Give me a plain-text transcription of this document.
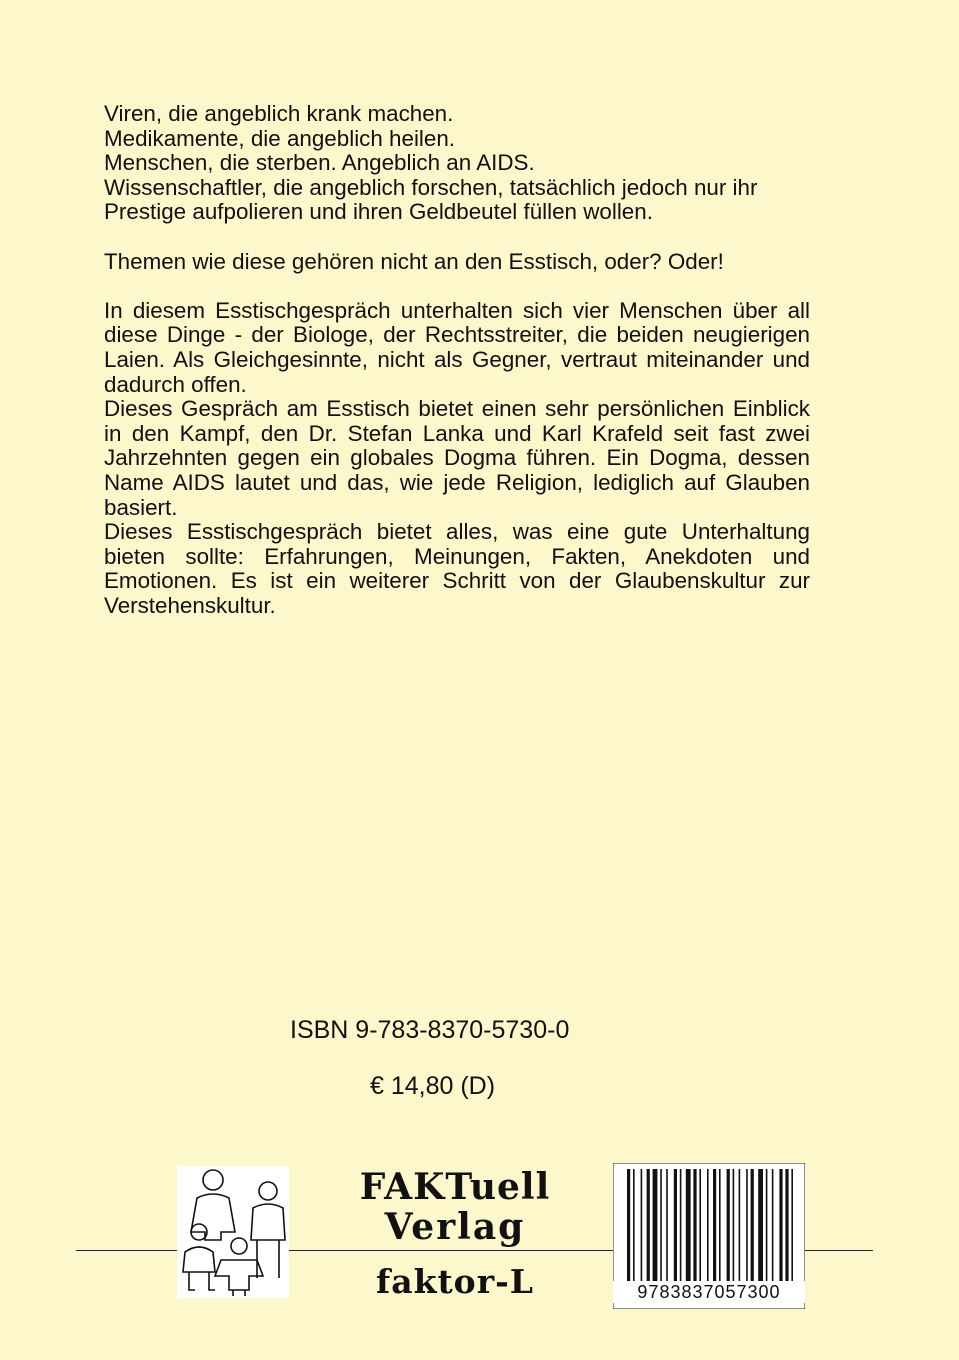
Viren, die angeblich krank machen.

Medikamente, die angeblich heilen.

Menschen, die sterben. Angeblich an AIDS.

Wissenschaftler, die angeblich forschen, tatsächlich jedoch nur ihr Prestige aufpolieren und ihren Geldbeutel füllen wollen.

Themen wie diese gehören nicht an den Esstisch, oder? Oder!

In diesem Esstischgespräch unterhalten sich vier Menschen über all diese Dinge - der Biologe, der Rechtsstreiter, die beiden neugierigen Laien. Als Gleichgesinnte, nicht als Gegner, vertraut miteinander und dadurch offen.

Dieses Gespräch am Esstisch bietet einen sehr persönlichen Einblick in den Kampf, den Dr. Stefan Lanka und Karl Krafeld seit fast zwei Jahrzehnten gegen ein globales Dogma führen. Ein Dogma, dessen Name AIDS lautet und das, wie jede Religion, lediglich auf Glauben basiert.

Dieses Esstischgespräch bietet alles, was eine gute Unterhaltung bieten sollte: Erfahrungen, Meinungen, Fakten, Anekdoten und Emotionen. Es ist ein weiterer Schritt von der Glaubenskultur zur Verstehenskultur.

ISBN 9-783-8370-5730-0
€ 14,80 (D)
FAKTuell
Verlag
faktor-L	9783837057300
